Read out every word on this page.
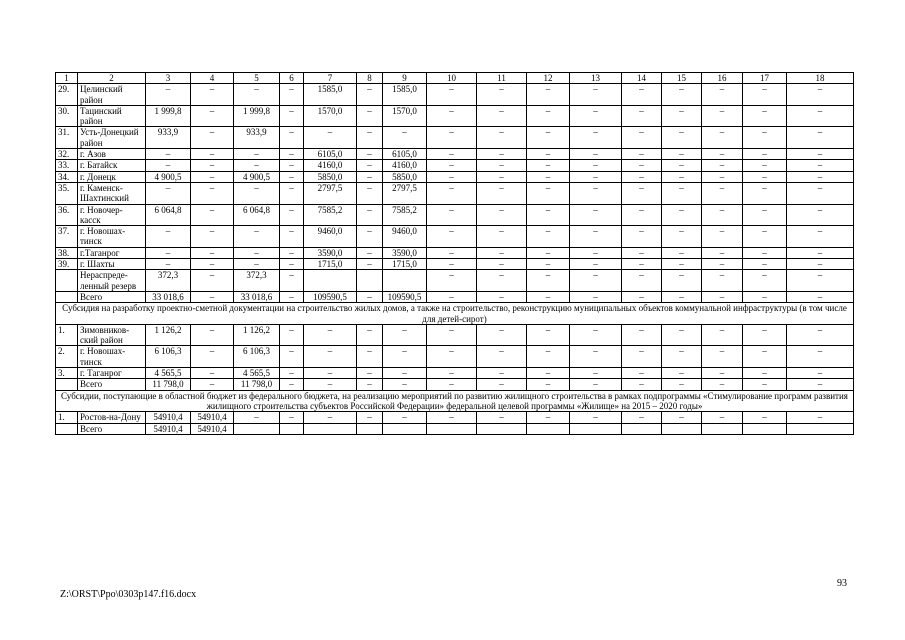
1	2	3	4	5	6	7	8	9	10	11	12	13	14	15	16	17	18
29.	Целинский район	–	–	–	–	1585,0	–	1585,0	–	–	–	–	–	–	–	–	–
30.	Тацинский район	1 999,8	–	1 999,8	–	1570,0	–	1570,0	–	–	–	–	–	–	–	–	–
31.	Усть-Донецкий район	933,9	–	933,9	–	–	–	–	–	–	–	–	–	–	–	–	–
32.	г. Азов	–	–	–	–	6105,0	–	6105,0	–	–	–	–	–	–	–	–	–
33.	г. Батайск	–	–	–	–	4160,0	–	4160,0	–	–	–	–	–	–	–	–	–
34.	г. Донецк	4 900,5	–	4 900,5	–	5850,0	–	5850,0	–	–	–	–	–	–	–	–	–
35.	г. Каменск-Шахтинский	–	–	–	–	2797,5	–	2797,5	–	–	–	–	–	–	–	–	–
36.	г. Новочер-касск	6 064,8	–	6 064,8	–	7585,2	–	7585,2	–	–	–	–	–	–	–	–	–
37.	г. Новошах-тинск	–	–	–	–	9460,0	–	9460,0	–	–	–	–	–	–	–	–	–
38.	г.Таганрог	–	–	–	–	3590,0	–	3590,0	–	–	–	–	–	–	–	–	–
39.	г. Шахты	–	–	–	–	1715,0	–	1715,0	–	–	–	–	–	–	–	–	–
	Нераспреде-ленный резерв	372,3	–	372,3	–				–	–	–	–	–	–	–	–	–
	Всего	33 018,6	–	33 018,6	–	109590,5	–	109590,5	–	–	–	–	–	–	–	–	–
Субсидия на разработку проектно-сметной документации на строительство жилых домов, а также на строительство, реконструкцию муниципальных объектов коммунальной инфраструктуры (в том числе для детей-сирот)																	
1.	Зимовников-ский район	1 126,2	–	1 126,2	–	–	–	–	–	–	–	–	–	–	–	–	–
2.	г. Новошах-тинск	6 106,3	–	6 106,3	–	–	–	–	–	–	–	–	–	–	–	–	–
3.	г. Таганрог	4 565,5	–	4 565,5	–	–	–	–	–	–	–	–	–	–	–	–	–
	Всего	11 798,0	–	11 798,0	–	–	–	–	–	–	–	–	–	–	–	–	–
Субсидии, поступающие в областной бюджет из федерального бюджета, на реализацию мероприятий по развитию жилищного строительства в рамках подпрограммы «Стимулирование программ развития жилищного строительства субъектов Российской Федерации» федеральной целевой программы «Жилище» на 2015 – 2020 годы»																	
1.	Ростов-на-Дону	54910,4	54910,4	–	–	–	–	–	–	–	–	–	–	–	–	–	–
	Всего	54910,4	54910,4														
93
Z:\ORST\Ppo\0303p147.f16.docx
